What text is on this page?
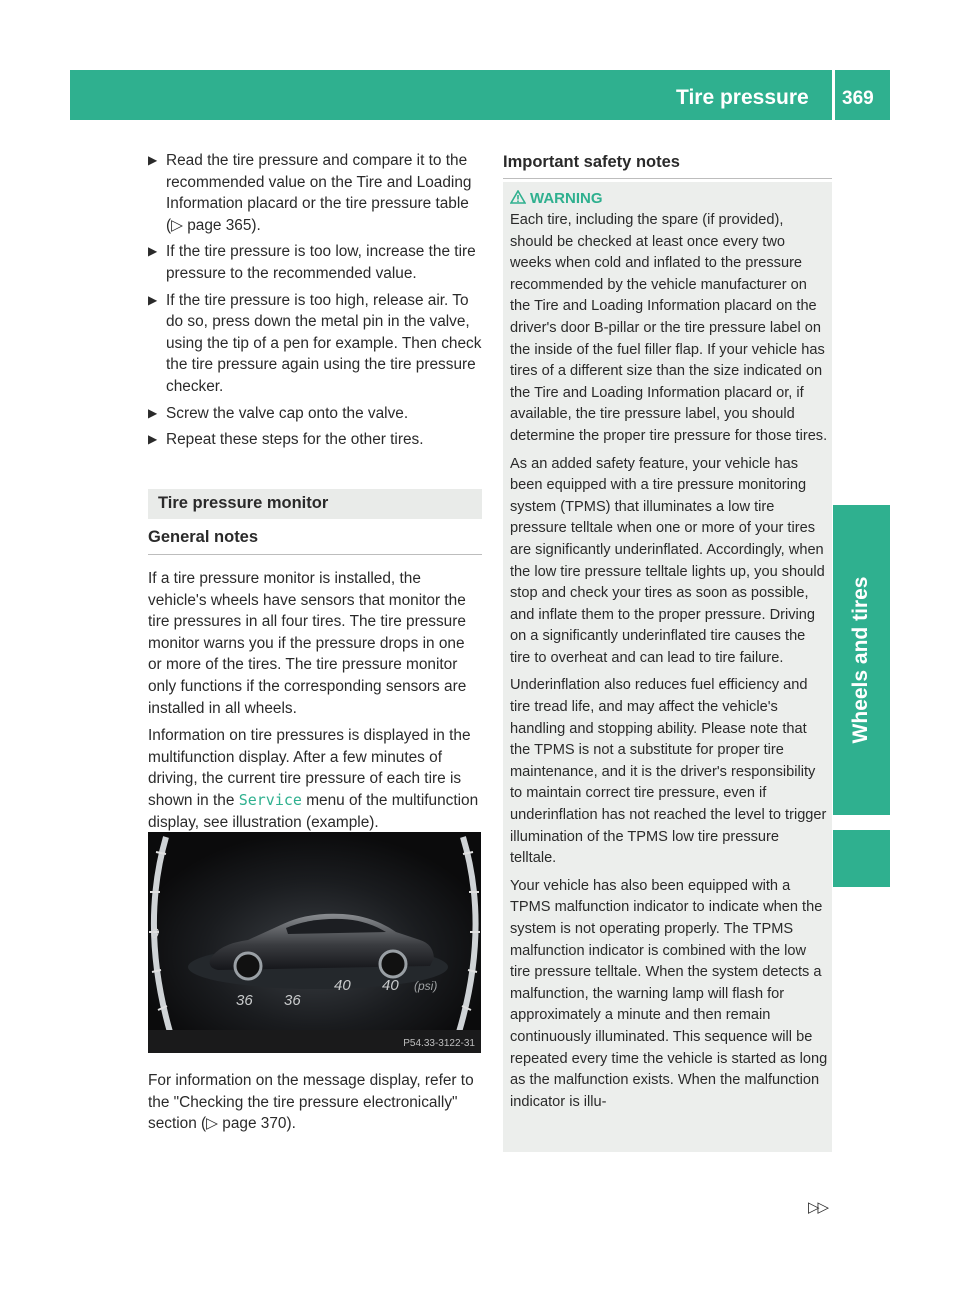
Tire pressure 369
Wheels and tires
▶ Read the tire pressure and compare it to the recommended value on the Tire and Loading Information placard or the tire pressure table (▷ page 365).
▶ If the tire pressure is too low, increase the tire pressure to the recommended value.
▶ If the tire pressure is too high, release air. To do so, press down the metal pin in the valve, using the tip of a pen for example. Then check the tire pressure again using the tire pressure checker.
▶ Screw the valve cap onto the valve.
▶ Repeat these steps for the other tires.
Tire pressure monitor
General notes

If a tire pressure monitor is installed, the vehicle's wheels have sensors that monitor the tire pressures in all four tires. The tire pressure monitor warns you if the pressure drops in one or more of the tires. The tire pressure monitor only functions if the corresponding sensors are installed in all wheels.

Information on tire pressures is displayed in the multifunction display. After a few minutes of driving, the current tire pressure of each tire is shown in the Service menu of the multifunction display, see illustration (example).

0
36 36
40 40 (psi)
P54.33-3122-31
For information on the message display, refer to the "Checking the tire pressure electronically" section (▷ page 370).
Important safety notes
WARNING

Each tire, including the spare (if provided), should be checked at least once every two weeks when cold and inflated to the pressure recommended by the vehicle manufacturer on the Tire and Loading Information placard on the driver's door B-pillar or the tire pressure label on the inside of the fuel filler flap. If your vehicle has tires of a different size than the size indicated on the Tire and Loading Information placard or, if available, the tire pressure label, you should determine the proper tire pressure for those tires.

As an added safety feature, your vehicle has been equipped with a tire pressure monitoring system (TPMS) that illuminates a low tire pressure telltale when one or more of your tires are significantly underinflated. Accordingly, when the low tire pressure telltale lights up, you should stop and check your tires as soon as possible, and inflate them to the proper pressure. Driving on a significantly underinflated tire causes the tire to overheat and can lead to tire failure.

Underinflation also reduces fuel efficiency and tire tread life, and may affect the vehicle's handling and stopping ability. Please note that the TPMS is not a substitute for proper tire maintenance, and it is the driver's responsibility to maintain correct tire pressure, even if underinflation has not reached the level to trigger illumination of the TPMS low tire pressure telltale.

Your vehicle has also been equipped with a TPMS malfunction indicator to indicate when the system is not operating properly. The TPMS malfunction indicator is combined with the low tire pressure telltale. When the system detects a malfunction, the warning lamp will flash for approximately a minute and then remain continuously illuminated. This sequence will be repeated every time the vehicle is started as long as the malfunction exists. When the malfunction indicator is illu-

▷▷
